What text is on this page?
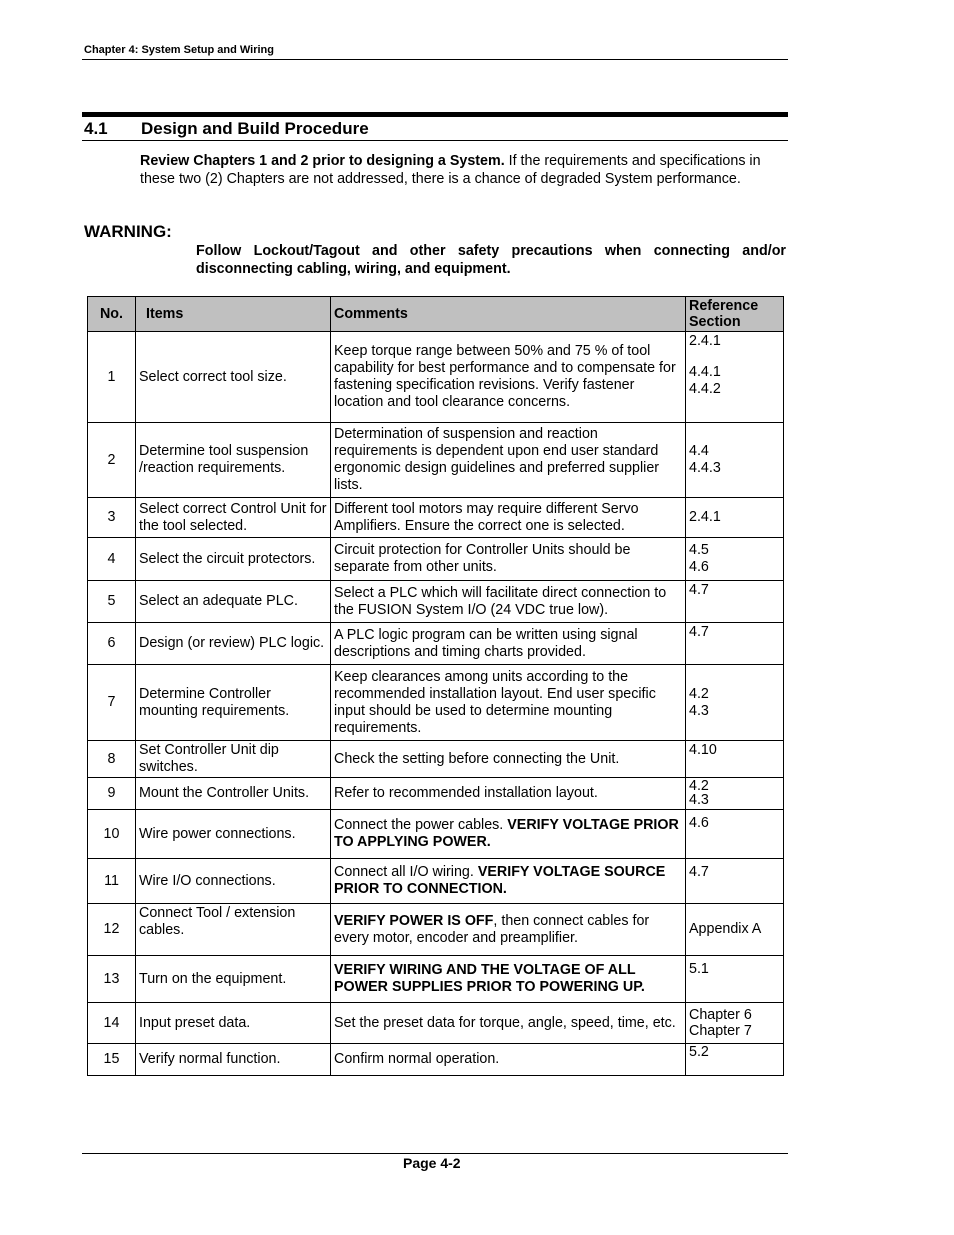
Chapter 4: System Setup and Wiring
4.1 Design and Build Procedure
Review Chapters 1 and 2 prior to designing a System. If the requirements and specifications in these two (2) Chapters are not addressed, there is a chance of degraded System performance.
WARNING:
Follow Lockout/Tagout and other safety precautions when connecting and/or disconnecting cabling, wiring, and equipment.
No.	Items	Comments	Reference Section
1	Select correct tool size.	Keep torque range between 50% and 75 % of tool capability for best performance and to compensate for fastening specification revisions. Verify fastener location and tool clearance concerns.	2.4.1
4.4.1
4.4.2

2	Determine tool suspension /reaction requirements.	Determination of suspension and reaction requirements is dependent upon end user standard ergonomic design guidelines and preferred supplier lists.	4.4
4.4.3

3	Select correct Control Unit for the tool selected.	Different tool motors may require different Servo Amplifiers. Ensure the correct one is selected.	2.4.1

4	Select the circuit protectors.	Circuit protection for Controller Units should be separate from other units.	4.5
4.6

5	Select an adequate PLC.	Select a PLC which will facilitate direct connection to the FUSION System I/O (24 VDC true low).	4.7

6	Design (or review) PLC logic.	A PLC logic program can be written using signal descriptions and timing charts provided.	4.7

7	Determine Controller mounting requirements.	Keep clearances among units according to the recommended installation layout. End user specific input should be used to determine mounting requirements.	4.2
4.3

8	Set Controller Unit dip switches.	Check the setting before connecting the Unit.	4.10

9	Mount the Controller Units.	Refer to recommended installation layout.	4.2
4.3

10	Wire power connections.	Connect the power cables. VERIFY VOLTAGE PRIOR TO APPLYING POWER.	4.6

11	Wire I/O connections.	Connect all I/O wiring. VERIFY VOLTAGE SOURCE PRIOR TO CONNECTION.	4.7

12	Connect Tool / extension cables.	VERIFY POWER IS OFF, then connect cables for every motor, encoder and preamplifier.	Appendix A

13	Turn on the equipment.	VERIFY WIRING AND THE VOLTAGE OF ALL POWER SUPPLIES PRIOR TO POWERING UP.	5.1

14	Input preset data.	Set the preset data for torque, angle, speed, time, etc.	Chapter 6
Chapter 7

15	Verify normal function.	Confirm normal operation.	5.2
Page 4-2
